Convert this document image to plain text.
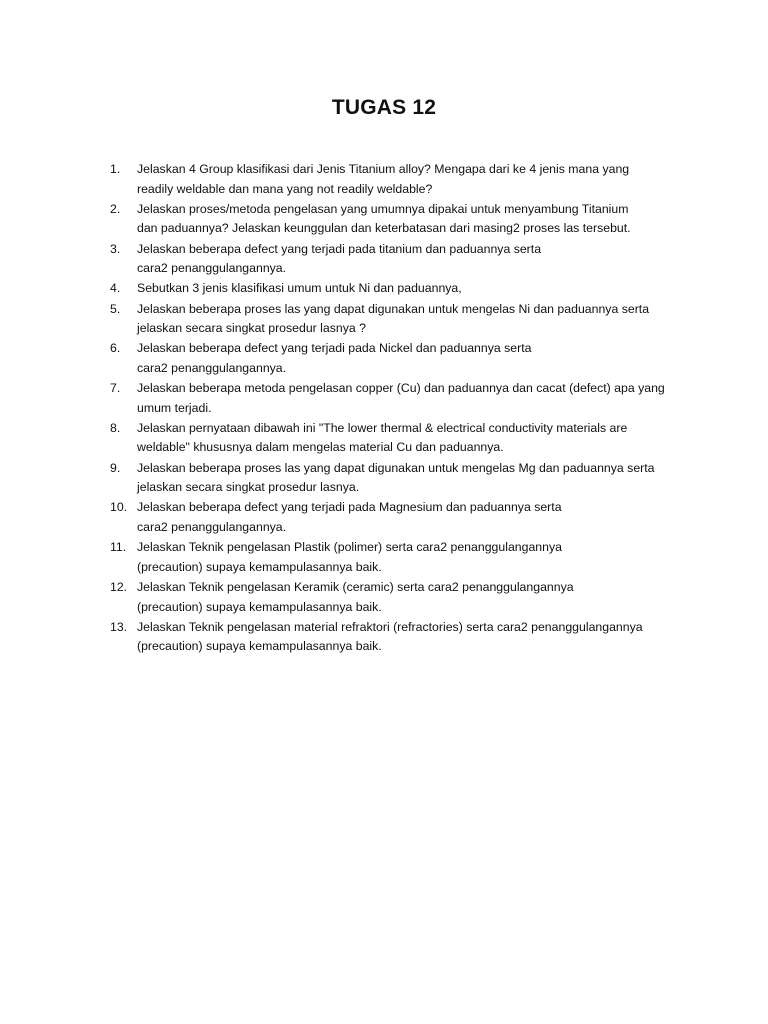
TUGAS 12
1.	Jelaskan 4 Group klasifikasi dari Jenis Titanium alloy? Mengapa dari ke 4 jenis mana yang
readily weldable dan mana yang not readily weldable?
2.	Jelaskan proses/metoda pengelasan yang umumnya dipakai untuk menyambung Titanium
dan paduannya? Jelaskan keunggulan dan keterbatasan dari masing2 proses las tersebut.
3.	Jelaskan beberapa defect yang terjadi pada titanium dan paduannya serta
cara2 penanggulangannya.
4.	Sebutkan 3 jenis klasifikasi umum untuk Ni dan paduannya,
5.	Jelaskan beberapa proses las yang dapat digunakan untuk mengelas Ni dan paduannya serta
jelaskan secara singkat prosedur lasnya ?
6.	Jelaskan beberapa defect yang terjadi pada Nickel dan paduannya serta
cara2 penanggulangannya.
7.	Jelaskan beberapa metoda pengelasan copper (Cu) dan paduannya dan cacat (defect) apa yang
umum terjadi.
8.	Jelaskan pernyataan dibawah ini "The lower thermal & electrical conductivity materials are
weldable" khususnya dalam mengelas material Cu dan paduannya.
9.	Jelaskan beberapa proses las yang dapat digunakan untuk mengelas Mg dan paduannya serta
jelaskan secara singkat prosedur lasnya.
10. Jelaskan beberapa defect yang terjadi pada Magnesium dan paduannya serta
cara2 penanggulangannya.
11. Jelaskan Teknik pengelasan Plastik (polimer) serta cara2 penanggulangannya
(precaution) supaya kemampulasannya baik.
12. Jelaskan Teknik pengelasan Keramik (ceramic) serta cara2 penanggulangannya
(precaution) supaya kemampulasannya baik.
13. Jelaskan Teknik pengelasan material refraktori (refractories) serta cara2 penanggulangannya
(precaution) supaya kemampulasannya baik.
